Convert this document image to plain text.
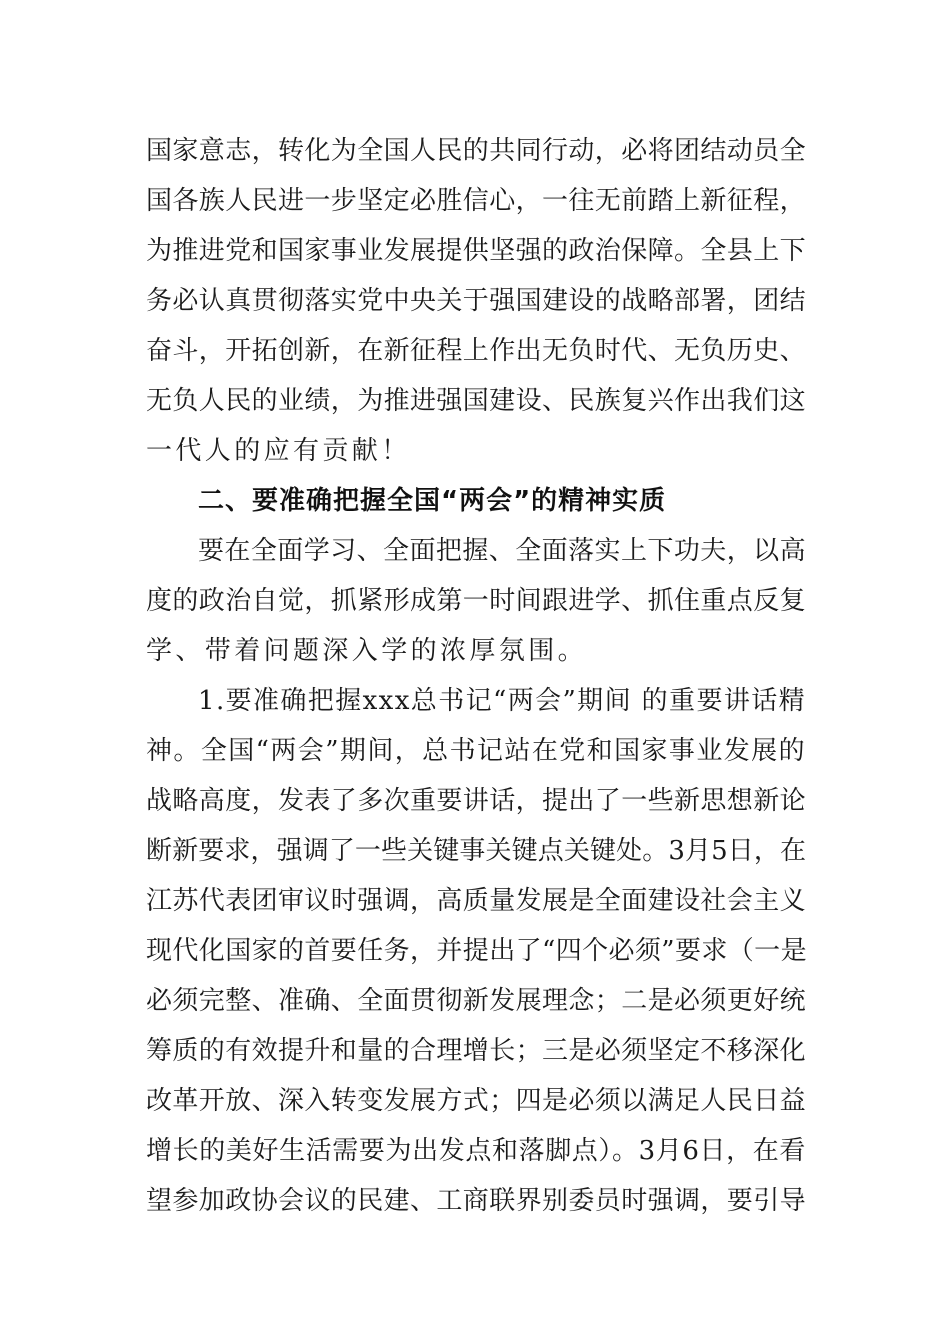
国家意志，转化为全国人民的共同行动，必将团结动员全
国各族人民进一步坚定必胜信心，一往无前踏上新征程，
为推进党和国家事业发展提供坚强的政治保障。全县上下
务必认真贯彻落实党中央关于强国建设的战略部署，团结
奋斗，开拓创新，在新征程上作出无负时代、无负历史、
无负人民的业绩，为推进强国建设、民族复兴作出我们这
一代人的应有贡献！
二、要准确把握全国“两会”的精神实质
要在全面学习、全面把握、全面落实上下功夫，以高
度的政治自觉，抓紧形成第一时间跟进学、抓住重点反复
学、带着问题深入学的浓厚氛围。
1.要准确把握xxx总书记“两会”期间 的重要讲话精
神。全国“两会”期间，总书记站在党和国家事业发展的
战略高度，发表了多次重要讲话，提出了一些新思想新论
断新要求，强调了一些关键事关键点关键处。3月5日，在
江苏代表团审议时强调，高质量发展是全面建设社会主义
现代化国家的首要任务，并提出了“四个必须”要求（一是
必须完整、准确、全面贯彻新发展理念；二是必须更好统
筹质的有效提升和量的合理增长；三是必须坚定不移深化
改革开放、深入转变发展方式；四是必须以满足人民日益
增长的美好生活需要为出发点和落脚点）。3月6日，在看
望参加政协会议的民建、工商联界别委员时强调，要引导
